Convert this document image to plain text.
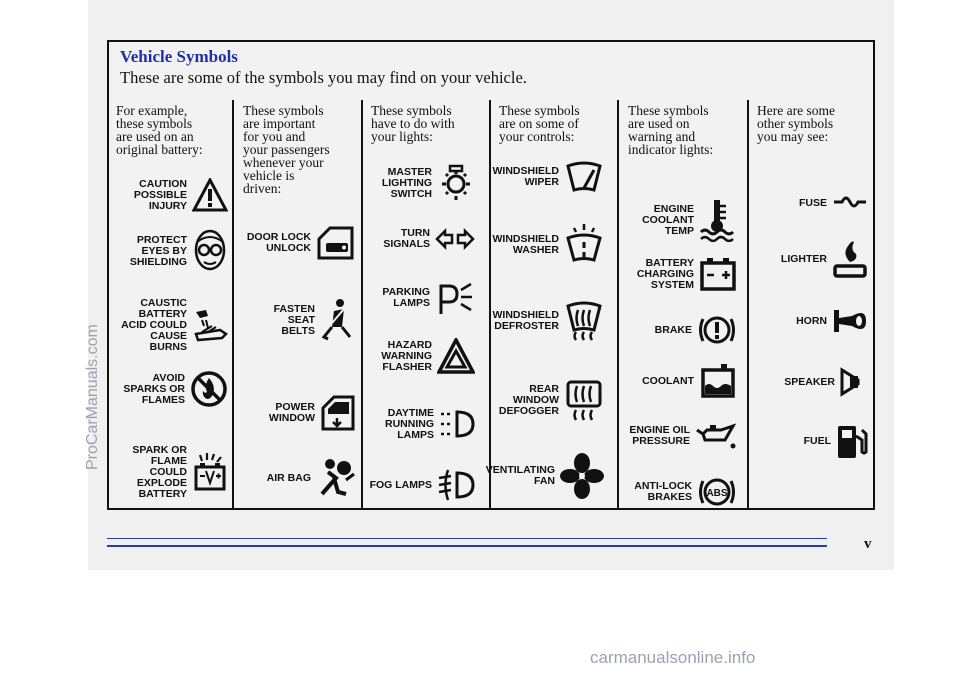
Vehicle Symbols
These are some of the symbols you may find on your vehicle.
For example,
these symbols
are used on an
original battery:
These symbols
are important
for you and
your passengers
whenever your
vehicle is
driven:
These symbols
have to do with
your lights:
These symbols
are on some of
your controls:
These symbols
are used on
warning and
indicator lights:
Here are some
other symbols
you may see:
CAUTION
POSSIBLE
INJURY
PROTECT
EYES BY
SHIELDING
CAUSTIC
BATTERY
ACID COULD
CAUSE
BURNS
AVOID
SPARKS OR
FLAMES
SPARK OR
FLAME
COULD
EXPLODE
BATTERY
DOOR LOCK
UNLOCK
FASTEN
SEAT
BELTS
POWER
WINDOW
AIR BAG
MASTER
LIGHTING
SWITCH
TURN
SIGNALS
PARKING
LAMPS
HAZARD
WARNING
FLASHER
DAYTIME
RUNNING
LAMPS
FOG LAMPS
WINDSHIELD
WIPER
WINDSHIELD
WASHER
WINDSHIELD
DEFROSTER
REAR
WINDOW
DEFOGGER
VENTILATING
FAN
ENGINE
COOLANT
TEMP
BATTERY
CHARGING
SYSTEM
BRAKE
COOLANT
ENGINE OIL
PRESSURE
ANTI-LOCK
BRAKES ABS
FUSE
LIGHTER
HORN
SPEAKER
FUEL
v
ProCarManuals.com
carmanualsonline.info
